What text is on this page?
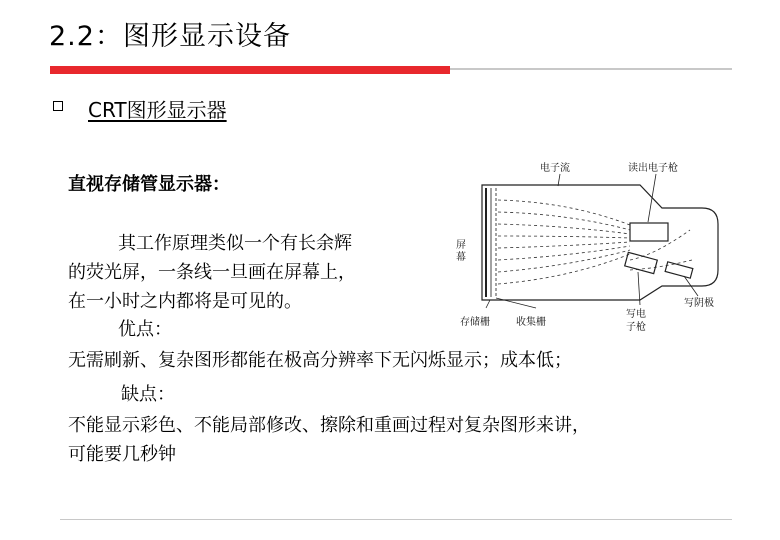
2.2：图形显示设备
CRT图形显示器
直视存储管显示器：
其工作原理类似一个有长余辉
的荧光屏，一条线一旦画在屏幕上，
在一小时之内都将是可见的。
优点：
无需刷新、复杂图形都能在极高分辨率下无闪烁显示；成本低；
缺点：
不能显示彩色、不能局部修改、擦除和重画过程对复杂图形来讲，
可能要几秒钟
电子流	读出电子枪
屏
幕
写阴极
存储栅	收集栅
写电
子枪
